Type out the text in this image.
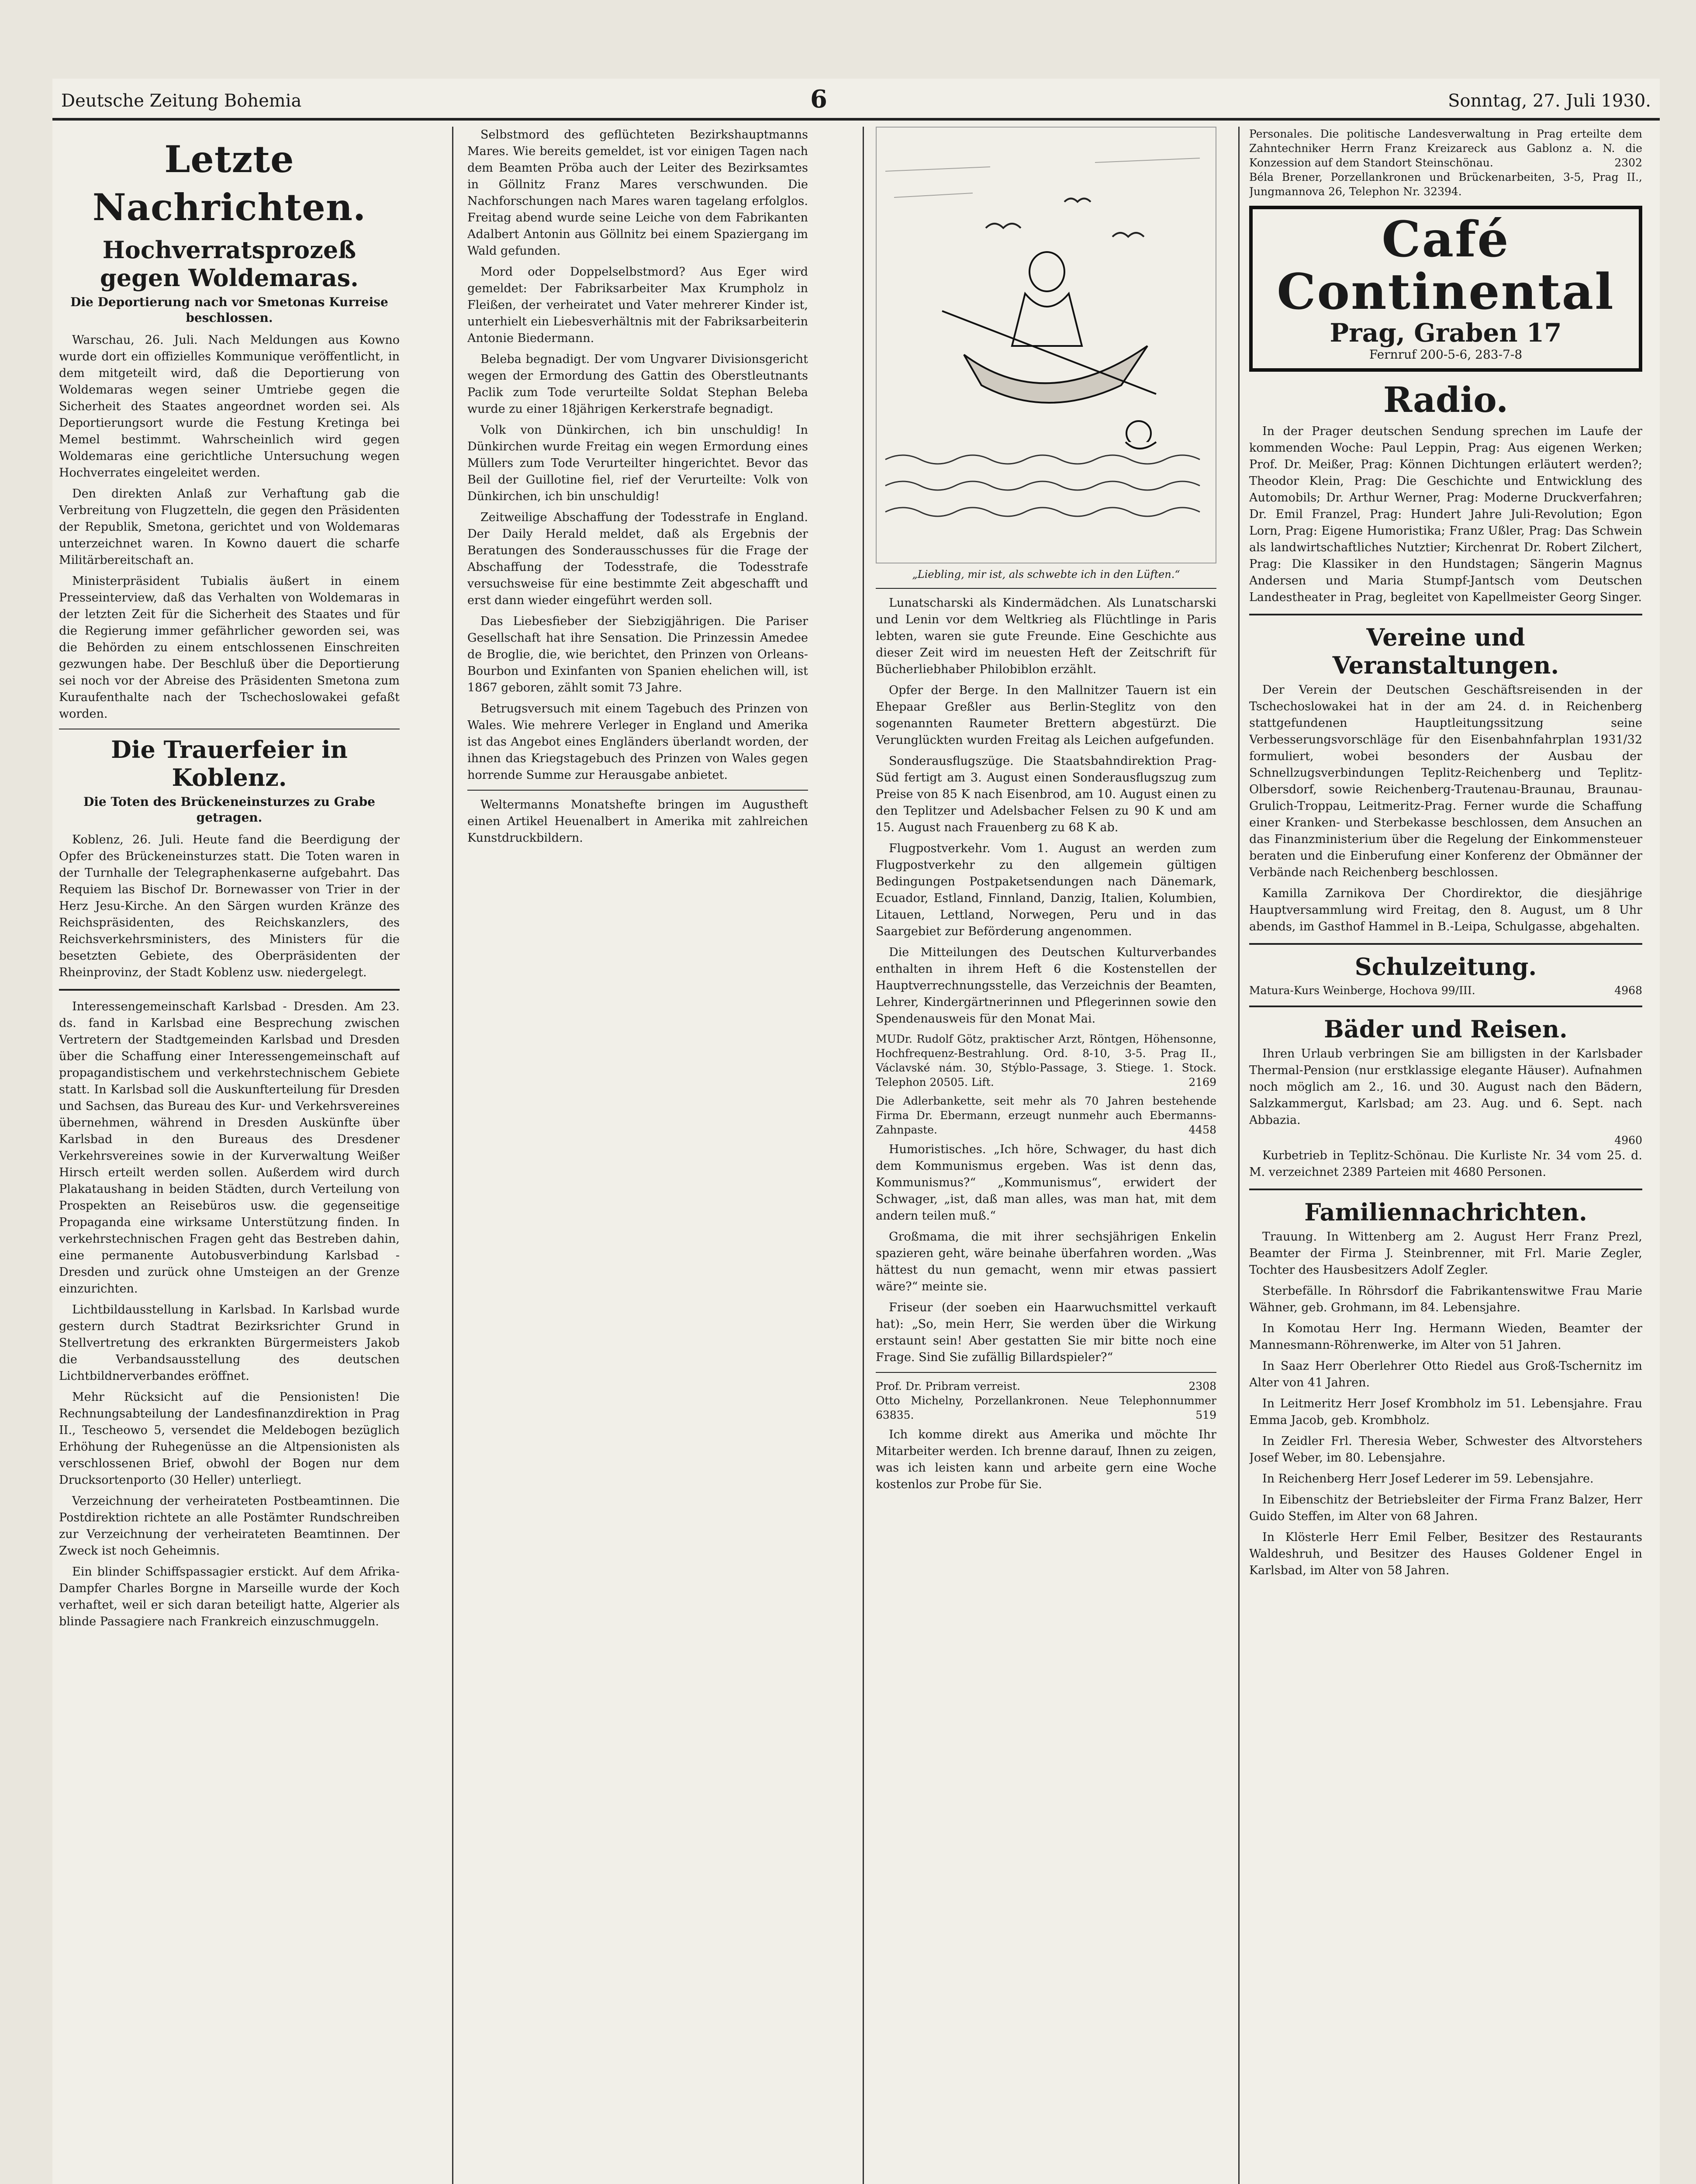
Deutsche Zeitung Bohemia	6	Sonntag, 27. Juli 1930.
Letzte Nachrichten.
Hochverratsprozeß gegen Woldemaras.
Die Deportierung nach vor Smetonas Kurreise beschlossen.

Warschau, 26. Juli. Nach Meldungen aus Kowno wurde dort ein offizielles Kommunique veröffentlicht, in dem mitgeteilt wird, daß die Deportierung von Woldemaras wegen seiner Umtriebe gegen die Sicherheit des Staates angeordnet worden sei. Als Deportierungsort wurde die Festung Kretinga bei Memel bestimmt. Wahrscheinlich wird gegen Woldemaras eine gerichtliche Untersuchung wegen Hochverrates eingeleitet werden.

Den direkten Anlaß zur Verhaftung gab die Verbreitung von Flugzetteln, die gegen den Präsidenten der Republik, Smetona, gerichtet und von Woldemaras unterzeichnet waren. In Kowno dauert die scharfe Militärbereitschaft an.

Ministerpräsident Tubialis äußert in einem Presseinterview, daß das Verhalten von Woldemaras in der letzten Zeit für die Sicherheit des Staates und für die Regierung immer gefährlicher geworden sei, was die Behörden zu einem entschlossenen Einschreiten gezwungen habe. Der Beschluß über die Deportierung sei noch vor der Abreise des Präsidenten Smetona zum Kuraufenthalte nach der Tschechoslowakei gefaßt worden.

Die Trauerfeier in Koblenz.
Die Toten des Brückeneinsturzes zu Grabe getragen.

Koblenz, 26. Juli. Heute fand die Beerdigung der Opfer des Brückeneinsturzes statt. Die Toten waren in der Turnhalle der Telegraphenkaserne aufgebahrt. Das Requiem las Bischof Dr. Bornewasser von Trier in der Herz Jesu-Kirche. An den Särgen wurden Kränze des Reichspräsidenten, des Reichskanzlers, des Reichsverkehrsministers, des Ministers für die besetzten Gebiete, des Oberpräsidenten der Rheinprovinz, der Stadt Koblenz usw. niedergelegt.

Interessengemeinschaft Karlsbad - Dresden. Am 23. ds. fand in Karlsbad eine Besprechung zwischen Vertretern der Stadtgemeinden Karlsbad und Dresden über die Schaffung einer Interessengemeinschaft auf propagandistischem und verkehrstechnischem Gebiete statt. In Karlsbad soll die Auskunfterteilung für Dresden und Sachsen, das Bureau des Kur- und Verkehrsvereines übernehmen, während in Dresden Auskünfte über Karlsbad in den Bureaus des Dresdener Verkehrsvereines sowie in der Kurverwaltung Weißer Hirsch erteilt werden sollen. Außerdem wird durch Plakataushang in beiden Städten, durch Verteilung von Prospekten an Reisebüros usw. die gegenseitige Propaganda eine wirksame Unterstützung finden. In verkehrstechnischen Fragen geht das Bestreben dahin, eine permanente Autobusverbindung Karlsbad - Dresden und zurück ohne Umsteigen an der Grenze einzurichten.

Lichtbildausstellung in Karlsbad. In Karlsbad wurde gestern durch Stadtrat Bezirksrichter Grund in Stellvertretung des erkrankten Bürgermeisters Jakob die Verbandsausstellung des deutschen Lichtbildnerverbandes eröffnet.

Mehr Rücksicht auf die Pensionisten! Die Rechnungsabteilung der Landesfinanzdirektion in Prag II., Tescheowo 5, versendet die Meldebogen bezüglich Erhöhung der Ruhegenüsse an die Altpensionisten als verschlossenen Brief, obwohl der Bogen nur dem Drucksortenporto (30 Heller) unterliegt.

Verzeichnung der verheirateten Postbeamtinnen. Die Postdirektion richtete an alle Postämter Rundschreiben zur Verzeichnung der verheirateten Beamtinnen. Der Zweck ist noch Geheimnis.

Ein blinder Schiffspassagier erstickt. Auf dem Afrika-Dampfer Charles Borgne in Marseille wurde der Koch verhaftet, weil er sich daran beteiligt hatte, Algerier als blinde Passagiere nach Frankreich einzuschmuggeln.

Selbstmord des geflüchteten Bezirkshauptmanns Mares. Wie bereits gemeldet, ist vor einigen Tagen nach dem Beamten Pröba auch der Leiter des Bezirksamtes in Göllnitz Franz Mares verschwunden. Die Nachforschungen nach Mares waren tagelang erfolglos. Freitag abend wurde seine Leiche von dem Fabrikanten Adalbert Antonin aus Göllnitz bei einem Spaziergang im Wald gefunden.

Mord oder Doppelselbstmord? Aus Eger wird gemeldet: Der Fabriksarbeiter Max Krumpholz in Fleißen, der verheiratet und Vater mehrerer Kinder ist, unterhielt ein Liebesverhältnis mit der Fabriksarbeiterin Antonie Biedermann.

Beleba begnadigt. Der vom Ungvarer Divisionsgericht wegen der Ermordung des Gattin des Oberstleutnants Paclik zum Tode verurteilte Soldat Stephan Beleba wurde zu einer 18jährigen Kerkerstrafe begnadigt.

Volk von Dünkirchen, ich bin unschuldig! In Dünkirchen wurde Freitag ein wegen Ermordung eines Müllers zum Tode Verurteilter hingerichtet. Bevor das Beil der Guillotine fiel, rief der Verurteilte: Volk von Dünkirchen, ich bin unschuldig!

Zeitweilige Abschaffung der Todesstrafe in England. Der Daily Herald meldet, daß als Ergebnis der Beratungen des Sonderausschusses für die Frage der Abschaffung der Todesstrafe, die Todesstrafe versuchsweise für eine bestimmte Zeit abgeschafft und erst dann wieder eingeführt werden soll.

Das Liebesfieber der Siebzigjährigen. Die Pariser Gesellschaft hat ihre Sensation. Die Prinzessin Amedee de Broglie, die, wie berichtet, den Prinzen von Orleans-Bourbon und Exinfanten von Spanien ehelichen will, ist 1867 geboren, zählt somit 73 Jahre.

Betrugsversuch mit einem Tagebuch des Prinzen von Wales. Wie mehrere Verleger in England und Amerika ist das Angebot eines Engländers überlandt worden, der ihnen das Kriegstagebuch des Prinzen von Wales gegen horrende Summe zur Herausgabe anbietet.

Weltermanns Monatshefte bringen im Augustheft einen Artikel Heuenalbert in Amerika mit zahlreichen Kunstdruckbildern.

„Liebling, mir ist, als schwebte ich in den Lüften.“

Lunatscharski als Kindermädchen. Als Lunatscharski und Lenin vor dem Weltkrieg als Flüchtlinge in Paris lebten, waren sie gute Freunde. Eine Geschichte aus dieser Zeit wird im neuesten Heft der Zeitschrift für Bücherliebhaber Philobiblon erzählt.

Opfer der Berge. In den Mallnitzer Tauern ist ein Ehepaar Greßler aus Berlin-Steglitz von den sogenannten Raumeter Brettern abgestürzt. Die Verunglückten wurden Freitag als Leichen aufgefunden.

Sonderausflugszüge. Die Staatsbahndirektion Prag-Süd fertigt am 3. August einen Sonderausflugszug zum Preise von 85 K nach Eisenbrod, am 10. August einen zu den Teplitzer und Adelsbacher Felsen zu 90 K und am 15. August nach Frauenberg zu 68 K ab.

Flugpostverkehr. Vom 1. August an werden zum Flugpostverkehr zu den allgemein gültigen Bedingungen Postpaketsendungen nach Dänemark, Ecuador, Estland, Finnland, Danzig, Italien, Kolumbien, Litauen, Lettland, Norwegen, Peru und in das Saargebiet zur Beförderung angenommen.

Die Mitteilungen des Deutschen Kulturverbandes enthalten in ihrem Heft 6 die Kostenstellen der Hauptverrechnungsstelle, das Verzeichnis der Beamten, Lehrer, Kindergärtnerinnen und Pflegerinnen sowie den Spendenausweis für den Monat Mai.

MUDr. Rudolf Götz, praktischer Arzt, Röntgen, Höhensonne, Hochfrequenz-Bestrahlung. Ord. 8-10, 3-5. Prag II., Václavské nám. 30, Stýblo-Passage, 3. Stiege. 1. Stock. Telephon 20505. Lift.	2169
Die Adlerbankette, seit mehr als 70 Jahren bestehende Firma Dr. Ebermann, erzeugt nunmehr auch Ebermanns-Zahnpaste.	4458

Humoristisches. „Ich höre, Schwager, du hast dich dem Kommunismus ergeben. Was ist denn das, Kommunismus?“ „Kommunismus“, erwidert der Schwager, „ist, daß man alles, was man hat, mit dem andern teilen muß.“

Großmama, die mit ihrer sechsjährigen Enkelin spazieren geht, wäre beinahe überfahren worden. „Was hättest du nun gemacht, wenn mir etwas passiert wäre?“ meinte sie.

Friseur (der soeben ein Haarwuchsmittel verkauft hat): „So, mein Herr, Sie werden über die Wirkung erstaunt sein! Aber gestatten Sie mir bitte noch eine Frage. Sind Sie zufällig Billardspieler?“

Prof. Dr. Pribram verreist.	2308
Otto Michelny, Porzellankronen. Neue Telephonnummer 63835.	519

Ich komme direkt aus Amerika und möchte Ihr Mitarbeiter werden. Ich brenne darauf, Ihnen zu zeigen, was ich leisten kann und arbeite gern eine Woche kostenlos zur Probe für Sie.

Personales. Die politische Landesverwaltung in Prag erteilte dem Zahntechniker Herrn Franz Kreizareck aus Gablonz a. N. die Konzession auf dem Standort Steinschönau.	2302
Béla Brener, Porzellankronen und Brückenarbeiten, 3-5, Prag II., Jungmannova 26, Telephon Nr. 32394.
Café Continental
Prag, Graben 17
Fernruf 200-5-6, 283-7-8
Radio.

In der Prager deutschen Sendung sprechen im Laufe der kommenden Woche: Paul Leppin, Prag: Aus eigenen Werken; Prof. Dr. Meißer, Prag: Können Dichtungen erläutert werden?; Theodor Klein, Prag: Die Geschichte und Entwicklung des Automobils; Dr. Arthur Werner, Prag: Moderne Druckverfahren; Dr. Emil Franzel, Prag: Hundert Jahre Juli-Revolution; Egon Lorn, Prag: Eigene Humoristika; Franz Ußler, Prag: Das Schwein als landwirtschaftliches Nutztier; Kirchenrat Dr. Robert Zilchert, Prag: Die Klassiker in den Hundstagen; Sängerin Magnus Andersen und Maria Stumpf-Jantsch vom Deutschen Landestheater in Prag, begleitet von Kapellmeister Georg Singer.

Vereine und Veranstaltungen.

Der Verein der Deutschen Geschäftsreisenden in der Tschechoslowakei hat in der am 24. d. in Reichenberg stattgefundenen Hauptleitungssitzung seine Verbesserungsvorschläge für den Eisenbahnfahrplan 1931/32 formuliert, wobei besonders der Ausbau der Schnellzugsverbindungen Teplitz-Reichenberg und Teplitz-Olbersdorf, sowie Reichenberg-Trautenau-Braunau, Braunau-Grulich-Troppau, Leitmeritz-Prag. Ferner wurde die Schaffung einer Kranken- und Sterbekasse beschlossen, dem Ansuchen an das Finanzministerium über die Regelung der Einkommensteuer beraten und die Einberufung einer Konferenz der Obmänner der Verbände nach Reichenberg beschlossen.

Kamilla Zarnikova Der Chordirektor, die diesjährige Hauptversammlung wird Freitag, den 8. August, um 8 Uhr abends, im Gasthof Hammel in B.-Leipa, Schulgasse, abgehalten.

Schulzeitung.
Matura-Kurs Weinberge, Hochova 99/III.	4968
Bäder und Reisen.

Ihren Urlaub verbringen Sie am billigsten in der Karlsbader Thermal-Pension (nur erstklassige elegante Häuser). Aufnahmen noch möglich am 2., 16. und 30. August nach den Bädern, Salzkammergut, Karlsbad; am 23. Aug. und 6. Sept. nach Abbazia.

4960

Kurbetrieb in Teplitz-Schönau. Die Kurliste Nr. 34 vom 25. d. M. verzeichnet 2389 Parteien mit 4680 Personen.

Familiennachrichten.

Trauung. In Wittenberg am 2. August Herr Franz Prezl, Beamter der Firma J. Steinbrenner, mit Frl. Marie Zegler, Tochter des Hausbesitzers Adolf Zegler.

Sterbefälle. In Röhrsdorf die Fabrikantenswitwe Frau Marie Wähner, geb. Grohmann, im 84. Lebensjahre.

In Komotau Herr Ing. Hermann Wieden, Beamter der Mannesmann-Röhrenwerke, im Alter von 51 Jahren.

In Saaz Herr Oberlehrer Otto Riedel aus Groß-Tschernitz im Alter von 41 Jahren.

In Leitmeritz Herr Josef Krombholz im 51. Lebensjahre. Frau Emma Jacob, geb. Krombholz.

In Zeidler Frl. Theresia Weber, Schwester des Altvorstehers Josef Weber, im 80. Lebensjahre.

In Reichenberg Herr Josef Lederer im 59. Lebensjahre.

In Eibenschitz der Betriebsleiter der Firma Franz Balzer, Herr Guido Steffen, im Alter von 68 Jahren.

In Klösterle Herr Emil Felber, Besitzer des Restaurants Waldeshruh, und Besitzer des Hauses Goldener Engel in Karlsbad, im Alter von 58 Jahren.
